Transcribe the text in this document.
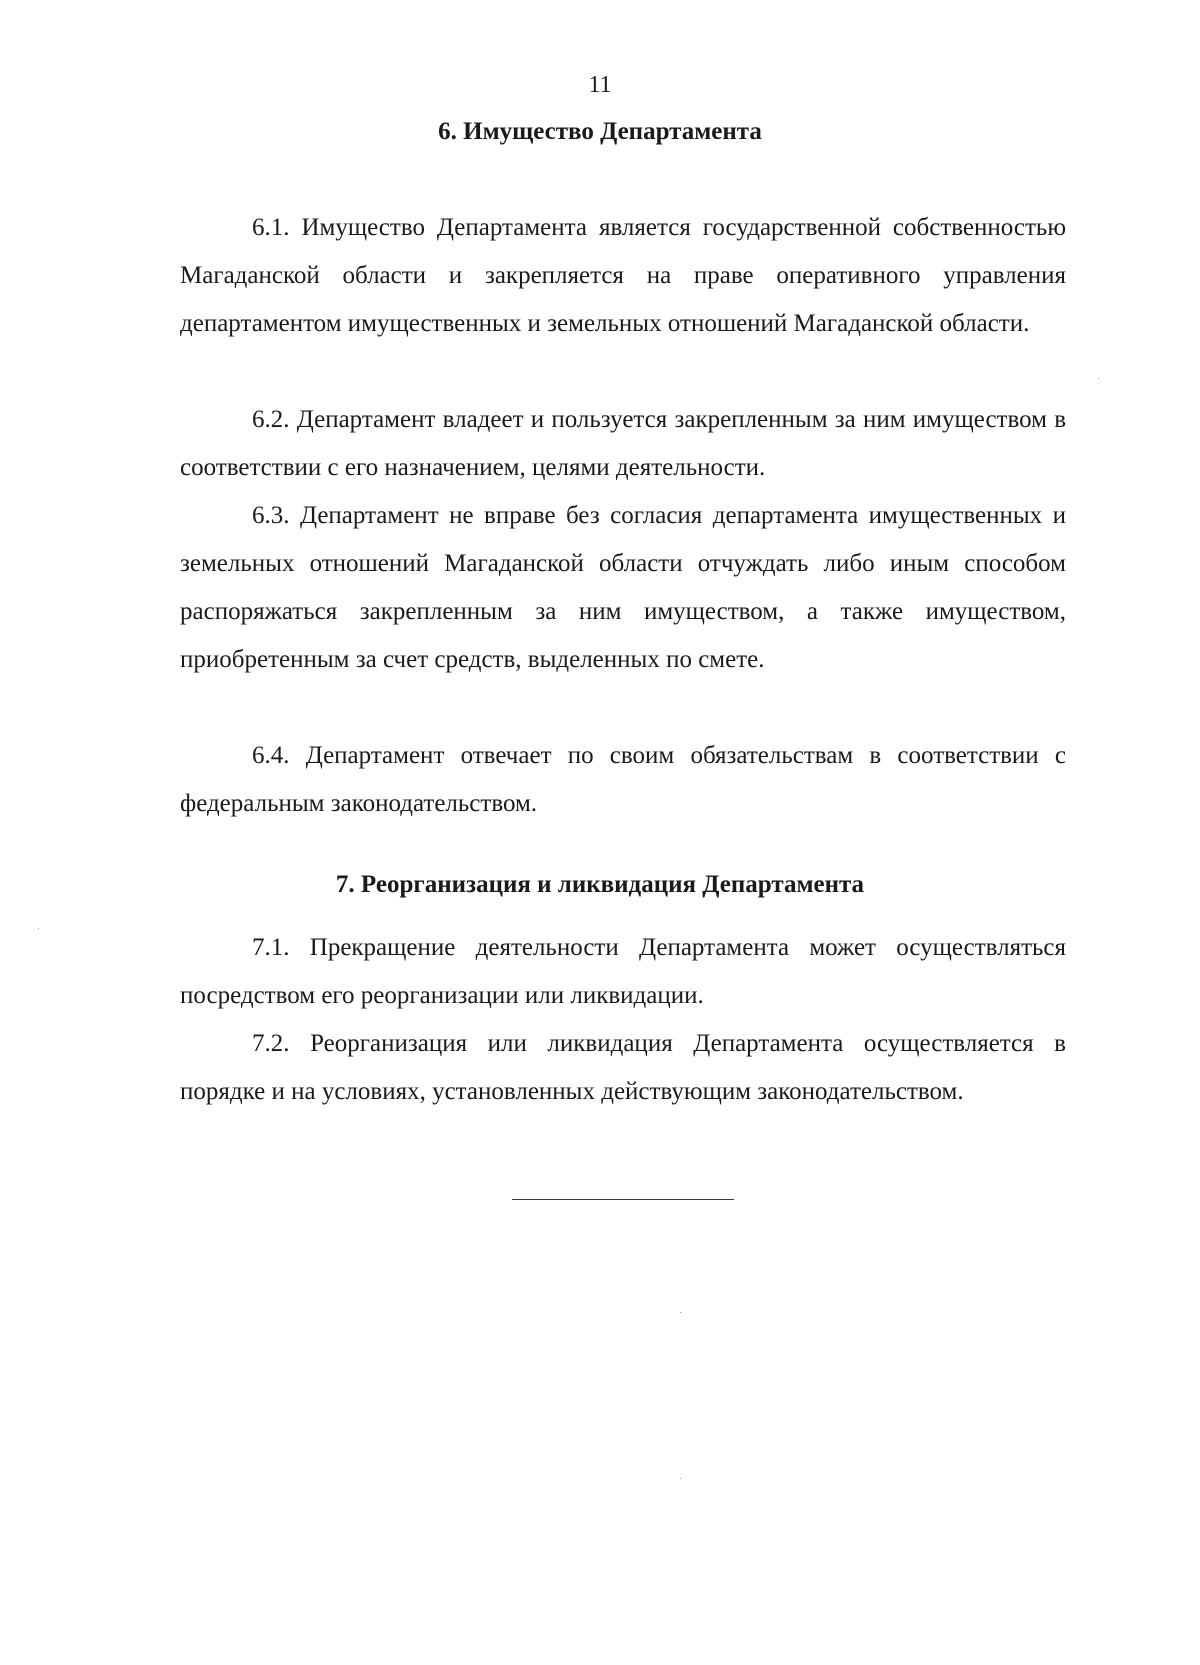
11
6. Имущество Департамента

6.1. Имущество Департамента является государственной собственностью Магаданской области и закрепляется на праве оперативного управления департаментом имущественных и земельных отношений Магаданской области.

6.2. Департамент владеет и пользуется закрепленным за ним имуществом в соответствии с его назначением, целями деятельности.

6.3. Департамент не вправе без согласия департамента имущественных и земельных отношений Магаданской области отчуждать либо иным способом распоряжаться закрепленным за ним имуществом, а также имуществом, приобретенным за счет средств, выделенных по смете.

6.4. Департамент отвечает по своим обязательствам в соответствии с федеральным законодательством.

7. Реорганизация и ликвидация Департамента

7.1. Прекращение деятельности Департамента может осуществляться посредством его реорганизации или ликвидации.

7.2. Реорганизация или ликвидация Департамента осуществляется в порядке и на условиях, установленных действующим законодательством.
